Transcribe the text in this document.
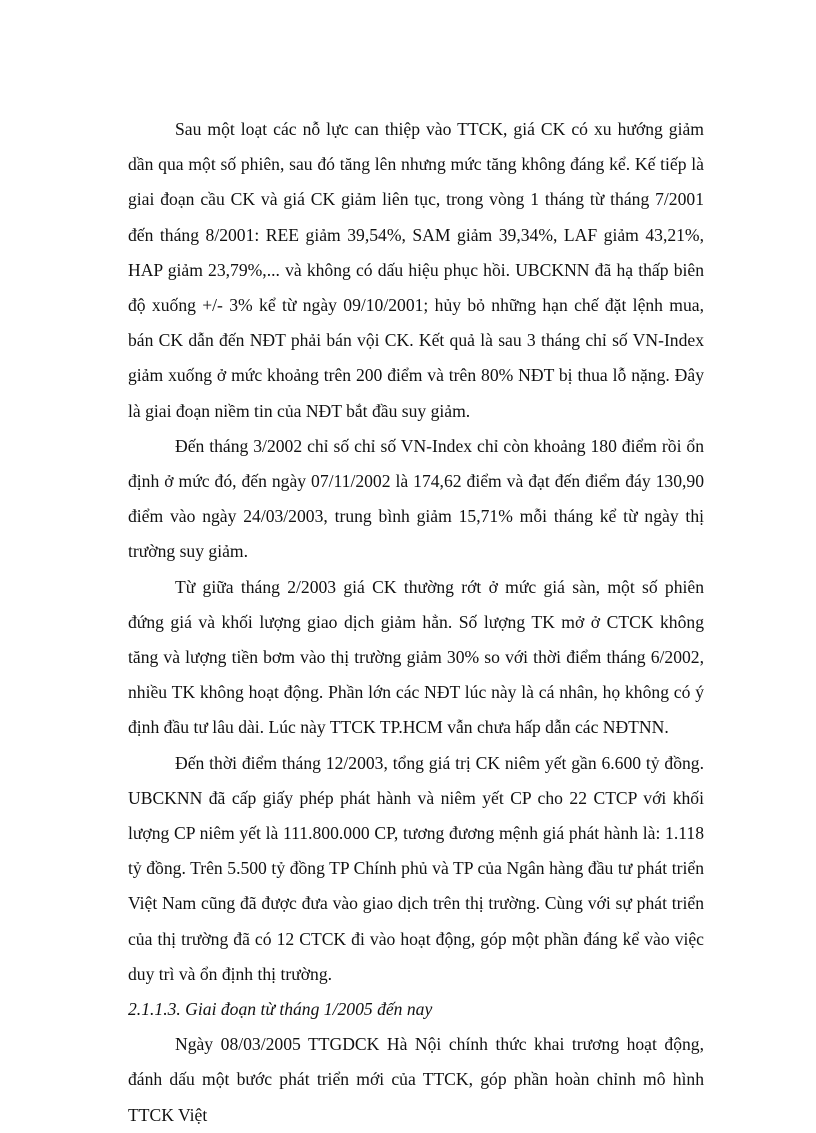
Sau một loạt các nỗ lực can thiệp vào TTCK, giá CK có xu hướng giảm dần qua một số phiên, sau đó tăng lên nhưng mức tăng không đáng kể. Kế tiếp là giai đoạn cầu CK và giá CK giảm liên tục, trong vòng 1 tháng từ tháng 7/2001 đến tháng 8/2001: REE giảm 39,54%, SAM giảm 39,34%, LAF giảm 43,21%, HAP giảm 23,79%,... và không có dấu hiệu phục hồi. UBCKNN đã hạ thấp biên độ xuống +/- 3% kể từ ngày 09/10/2001; hủy bỏ những hạn chế đặt lệnh mua, bán CK dẫn đến NĐT phải bán vội CK. Kết quả là sau 3 tháng chỉ số VN-Index giảm xuống ở mức khoảng trên 200 điểm và trên 80% NĐT bị thua lỗ nặng. Đây là giai đoạn niềm tin của NĐT bắt đầu suy giảm.

Đến tháng 3/2002 chỉ số chỉ số VN-Index chỉ còn khoảng 180 điểm rồi ổn định ở mức đó, đến ngày 07/11/2002 là 174,62 điểm và đạt đến điểm đáy 130,90 điểm vào ngày 24/03/2003, trung bình giảm 15,71% mỗi tháng kể từ ngày thị trường suy giảm.

Từ giữa tháng 2/2003 giá CK thường rớt ở mức giá sàn, một số phiên đứng giá và khối lượng giao dịch giảm hẳn. Số lượng TK mở ở CTCK không tăng và lượng tiền bơm vào thị trường giảm 30% so với thời điểm tháng 6/2002, nhiều TK không hoạt động. Phần lớn các NĐT lúc này là cá nhân, họ không có ý định đầu tư lâu dài. Lúc này TTCK TP.HCM vẫn chưa hấp dẫn các NĐTNN.

Đến thời điểm tháng 12/2003, tổng giá trị CK niêm yết gần 6.600 tỷ đồng. UBCKNN đã cấp giấy phép phát hành và niêm yết CP cho 22 CTCP với khối lượng CP niêm yết là 111.800.000 CP, tương đương mệnh giá phát hành là: 1.118 tỷ đồng. Trên 5.500 tỷ đồng TP Chính phủ và TP của Ngân hàng đầu tư phát triển Việt Nam cũng đã được đưa vào giao dịch trên thị trường. Cùng với sự phát triển của thị trường đã có 12 CTCK đi vào hoạt động, góp một phần đáng kể vào việc duy trì và ổn định thị trường.

2.1.1.3. Giai đoạn từ tháng 1/2005 đến nay

Ngày 08/03/2005 TTGDCK Hà Nội chính thức khai trương hoạt động, đánh dấu một bước phát triển mới của TTCK, góp phần hoàn chỉnh mô hình TTCK Việt
